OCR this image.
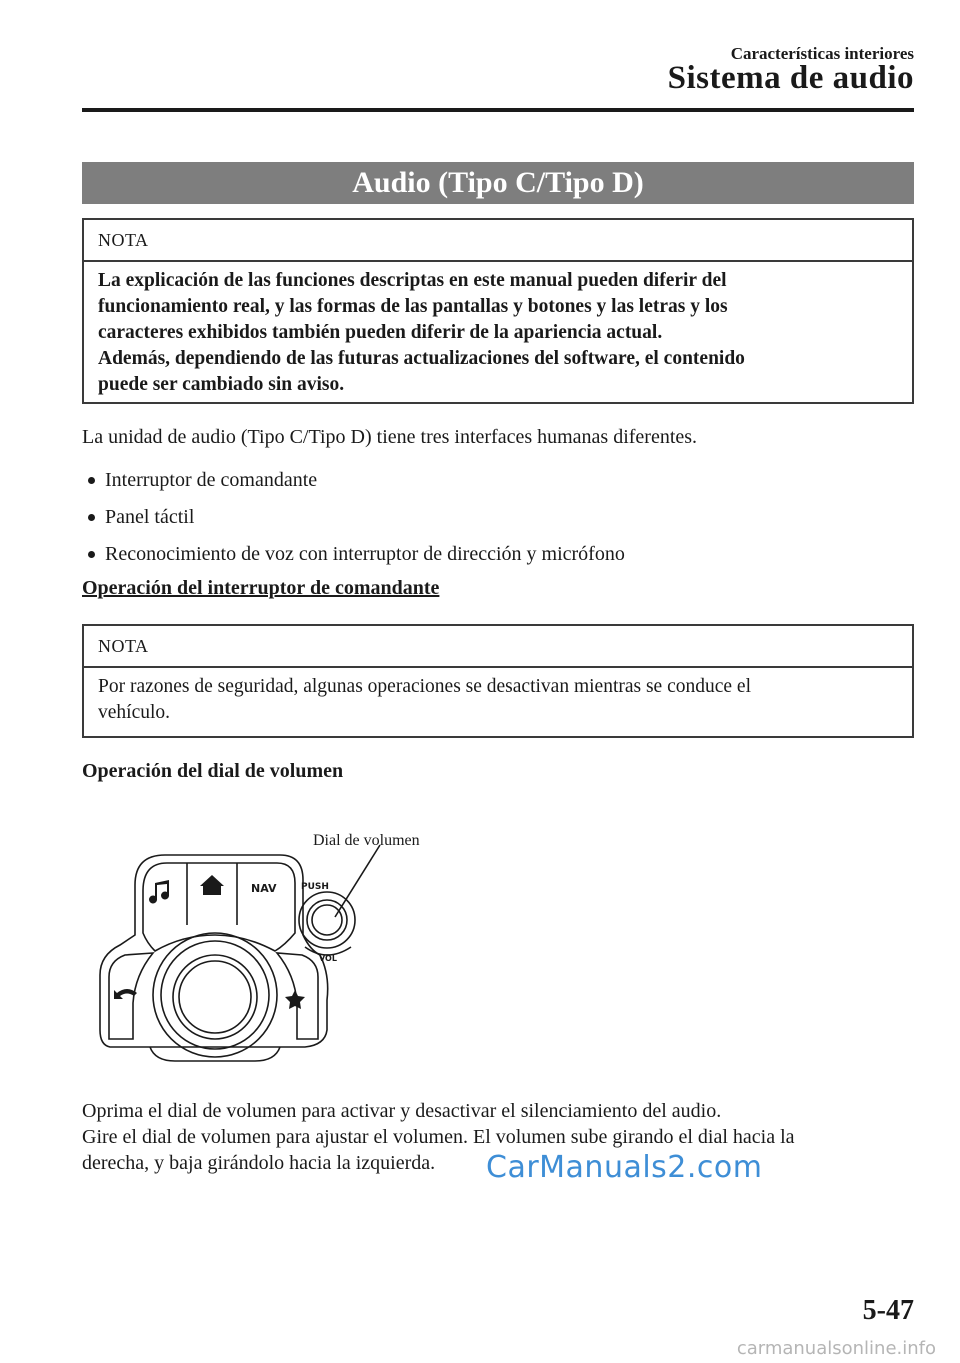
Características interiores
Sistema de audio
Audio (Tipo C/Tipo D)
NOTA

La explicación de las funciones descriptas en este manual pueden diferir del

funcionamiento real, y las formas de las pantallas y botones y las letras y los

caracteres exhibidos también pueden diferir de la apariencia actual.

Además, dependiendo de las futuras actualizaciones del software, el contenido

puede ser cambiado sin aviso.

La unidad de audio (Tipo C/Tipo D) tiene tres interfaces humanas diferentes.

Interruptor de comandante
Panel táctil
Reconocimiento de voz con interruptor de dirección y micrófono
Operación del interruptor de comandante
NOTA

Por razones de seguridad, algunas operaciones se desactivan mientras se conduce el

vehículo.

Operación del dial de volumen
Dial de volumen
NAV	PUSH
VOL

Oprima el dial de volumen para activar y desactivar el silenciamiento del audio.

Gire el dial de volumen para ajustar el volumen. El volumen sube girando el dial hacia la

derecha, y baja girándolo hacia la izquierda.	CarManuals2.com
5-47
carmanualsonline.info
